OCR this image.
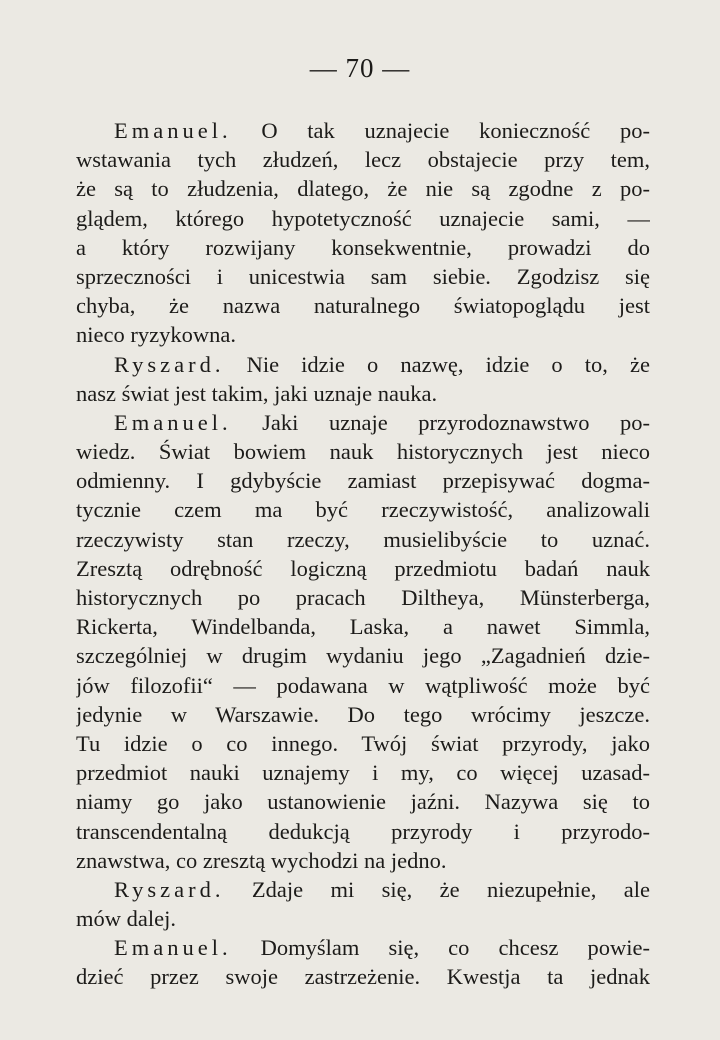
— 70 —
Emanuel. O tak uznajecie konieczność po-
wstawania tych złudzeń, lecz obstajecie przy tem,
że są to złudzenia, dlatego, że nie są zgodne z po-
glądem, którego hypotetyczność uznajecie sami, —
a który rozwijany konsekwentnie, prowadzi do
sprzeczności i unicestwia sam siebie. Zgodzisz się
chyba, że nazwa naturalnego światopoglądu jest
nieco ryzykowna.
Ryszard. Nie idzie o nazwę, idzie o to, że
nasz świat jest takim, jaki uznaje nauka.
Emanuel. Jaki uznaje przyrodoznawstwo po-
wiedz. Świat bowiem nauk historycznych jest nieco
odmienny. I gdybyście zamiast przepisywać dogma-
tycznie czem ma być rzeczywistość, analizowali
rzeczywisty stan rzeczy, musielibyście to uznać.
Zresztą odrębność logiczną przedmiotu badań nauk
historycznych po pracach Diltheya, Münsterberga,
Rickerta, Windelbanda, Laska, a nawet Simmla,
szczególniej w drugim wydaniu jego „Zagadnień dzie-
jów filozofii“ — podawana w wątpliwość może być
jedynie w Warszawie. Do tego wrócimy jeszcze.
Tu idzie o co innego. Twój świat przyrody, jako
przedmiot nauki uznajemy i my, co więcej uzasad-
niamy go jako ustanowienie jaźni. Nazywa się to
transcendentalną dedukcją przyrody i przyrodo-
znawstwa, co zresztą wychodzi na jedno.
Ryszard. Zdaje mi się, że niezupełnie, ale
mów dalej.
Emanuel. Domyślam się, co chcesz powie-
dzieć przez swoje zastrzeżenie. Kwestja ta jednak
